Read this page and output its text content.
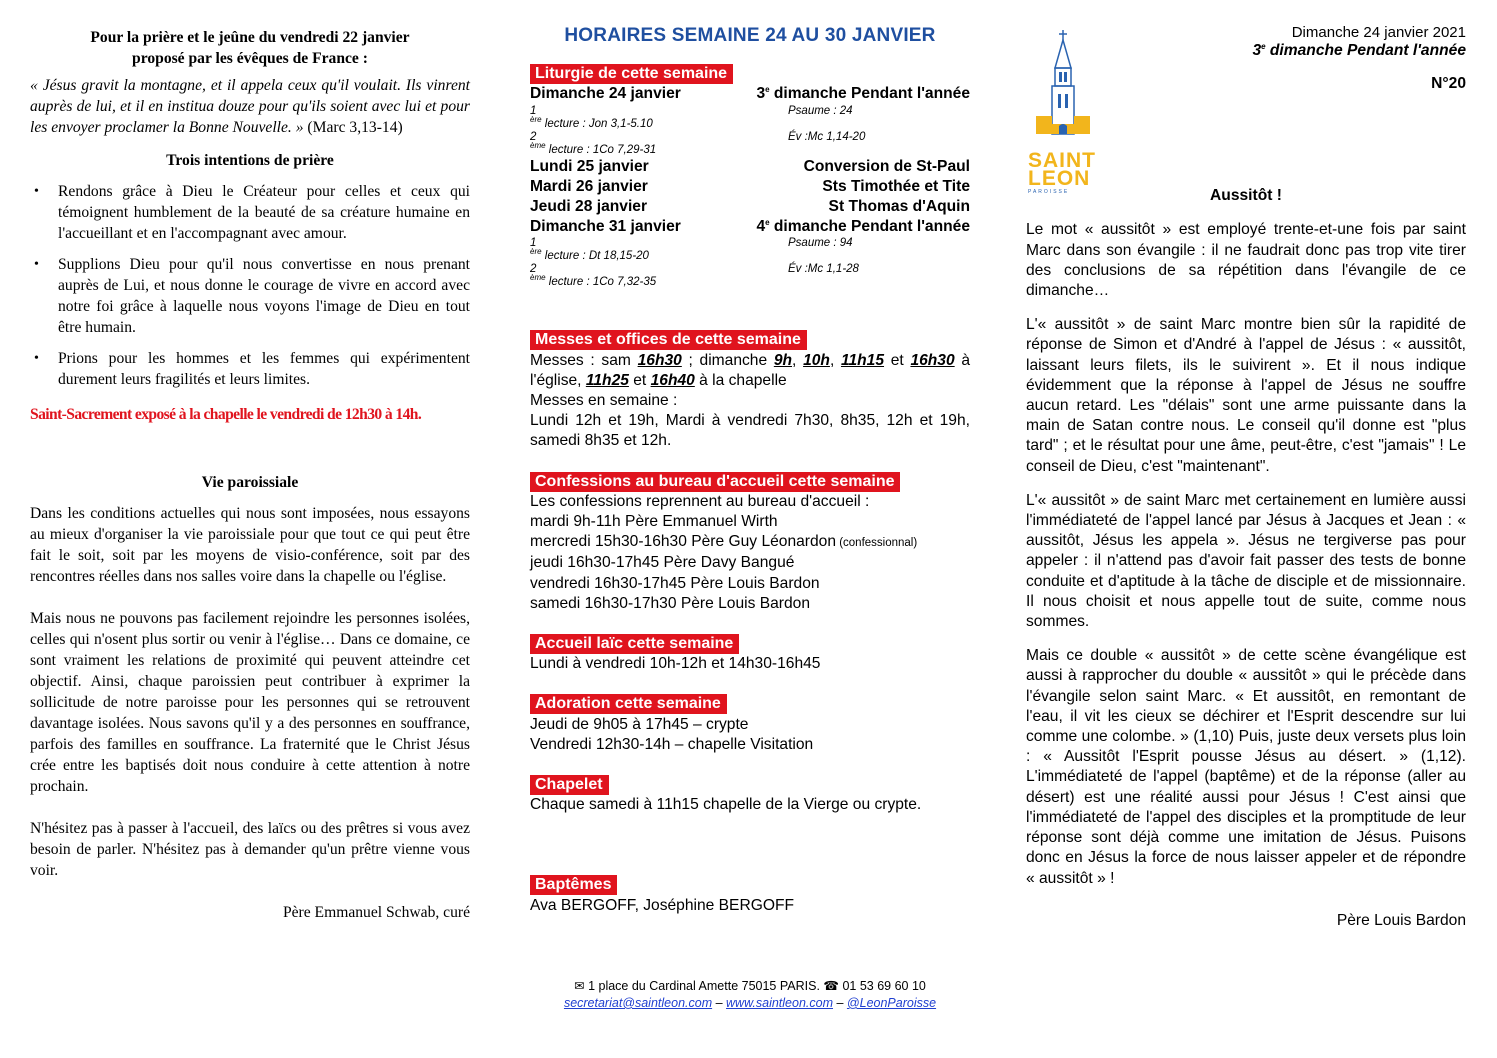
Pour la prière et le jeûne du vendredi 22 janvier
proposé par les évêques de France :

« Jésus gravit la montagne, et il appela ceux qu'il voulait. Ils vinrent auprès de lui, et il en institua douze pour qu'ils soient avec lui et pour les envoyer proclamer la Bonne Nouvelle. » (Marc 3,13-14)

Trois intentions de prière
• Rendons grâce à Dieu le Créateur pour celles et ceux qui témoignent humblement de la beauté de sa créature humaine en l'accueillant et en l'accompagnant avec amour.
• Supplions Dieu pour qu'il nous convertisse en nous prenant auprès de Lui, et nous donne le courage de vivre en accord avec notre foi grâce à laquelle nous voyons l'image de Dieu en tout être humain.
• Prions pour les hommes et les femmes qui expérimentent durement leurs fragilités et leurs limites.
Saint-Sacrement exposé à la chapelle le vendredi de 12h30 à 14h.
Vie paroissiale

Dans les conditions actuelles qui nous sont imposées, nous essayons au mieux d'organiser la vie paroissiale pour que tout ce qui peut être fait le soit, soit par les moyens de visio-conférence, soit par des rencontres réelles dans nos salles voire dans la chapelle ou l'église.

Mais nous ne pouvons pas facilement rejoindre les personnes isolées, celles qui n'osent plus sortir ou venir à l'église… Dans ce domaine, ce sont vraiment les relations de proximité qui peuvent atteindre cet objectif. Ainsi, chaque paroissien peut contribuer à exprimer la sollicitude de notre paroisse pour les personnes qui se retrouvent davantage isolées. Nous savons qu'il y a des personnes en souffrance, parfois des familles en souffrance. La fraternité que le Christ Jésus crée entre les baptisés doit nous conduire à cette attention à notre prochain.

N'hésitez pas à passer à l'accueil, des laïcs ou des prêtres si vous avez besoin de parler. N'hésitez pas à demander qu'un prêtre vienne vous voir.

Père Emmanuel Schwab, curé
HORAIRES SEMAINE 24 AU 30 JANVIER
Liturgie de cette semaine
Dimanche 24 janvier	3e dimanche Pendant l'année
1ère lecture : Jon 3,1-5.10
Psaume : 24
2ème lecture : 1Co 7,29-31
Év :Mc 1,14-20
Lundi 25 janvier	Conversion de St-Paul
Mardi 26 janvier	Sts Timothée et Tite
Jeudi 28 janvier	St Thomas d'Aquin
Dimanche 31 janvier	4e dimanche Pendant l'année
1ère lecture : Dt 18,15-20
Psaume : 94
2ème lecture : 1Co 7,32-35
Év :Mc 1,1-28
Messes et offices de cette semaine
Messes : sam 16h30 ; dimanche 9h, 10h, 11h15 et 16h30 à l'église, 11h25 et 16h40 à la chapelle
Messes en semaine :
Lundi 12h et 19h, Mardi à vendredi 7h30, 8h35, 12h et 19h, samedi 8h35 et 12h.
Confessions au bureau d'accueil cette semaine
Les confessions reprennent au bureau d'accueil :
mardi 9h-11h Père Emmanuel Wirth
mercredi 15h30-16h30 Père Guy Léonardon (confessionnal)
jeudi 16h30-17h45 Père Davy Bangué
vendredi 16h30-17h45 Père Louis Bardon
samedi 16h30-17h30 Père Louis Bardon
Accueil laïc cette semaine
Lundi à vendredi 10h-12h et 14h30-16h45
Adoration cette semaine
Jeudi de 9h05 à 17h45 – crypte
Vendredi 12h30-14h – chapelle Visitation
Chapelet
Chaque samedi à 11h15 chapelle de la Vierge ou crypte.
Baptêmes
Ava BERGOFF, Joséphine BERGOFF
✉ 1 place du Cardinal Amette 75015 PARIS. ☎ 01 53 69 60 10
secretariat@saintleon.com – www.saintleon.com – @LeonParoisse
SAINT
LEON
PAROISSE
Dimanche 24 janvier 2021
3e dimanche Pendant l'année
N°20
Aussitôt !

Le mot « aussitôt » est employé trente-et-une fois par saint Marc dans son évangile : il ne faudrait donc pas trop vite tirer des conclusions de sa répétition dans l'évangile de ce dimanche…

L'« aussitôt » de saint Marc montre bien sûr la rapidité de réponse de Simon et d'André à l'appel de Jésus : « aussitôt, laissant leurs filets, ils le suivirent ». Et il nous indique évidemment que la réponse à l'appel de Jésus ne souffre aucun retard. Les "délais" sont une arme puissante dans la main de Satan contre nous. Le conseil qu'il donne est "plus tard" ; et le résultat pour une âme, peut-être, c'est "jamais" ! Le conseil de Dieu, c'est "maintenant".

L'« aussitôt » de saint Marc met certainement en lumière aussi l'immédiateté de l'appel lancé par Jésus à Jacques et Jean : « aussitôt, Jésus les appela ». Jésus ne tergiverse pas pour appeler : il n'attend pas d'avoir fait passer des tests de bonne conduite et d'aptitude à la tâche de disciple et de missionnaire. Il nous choisit et nous appelle tout de suite, comme nous sommes.

Mais ce double « aussitôt » de cette scène évangélique est aussi à rapprocher du double « aussitôt » qui le précède dans l'évangile selon saint Marc. « Et aussitôt, en remontant de l'eau, il vit les cieux se déchirer et l'Esprit descendre sur lui comme une colombe. » (1,10) Puis, juste deux versets plus loin : « Aussitôt l'Esprit pousse Jésus au désert. » (1,12). L'immédiateté de l'appel (baptême) et de la réponse (aller au désert) est une réalité aussi pour Jésus ! C'est ainsi que l'immédiateté de l'appel des disciples et la promptitude de leur réponse sont déjà comme une imitation de Jésus. Puisons donc en Jésus la force de nous laisser appeler et de répondre « aussitôt » !

Père Louis Bardon
